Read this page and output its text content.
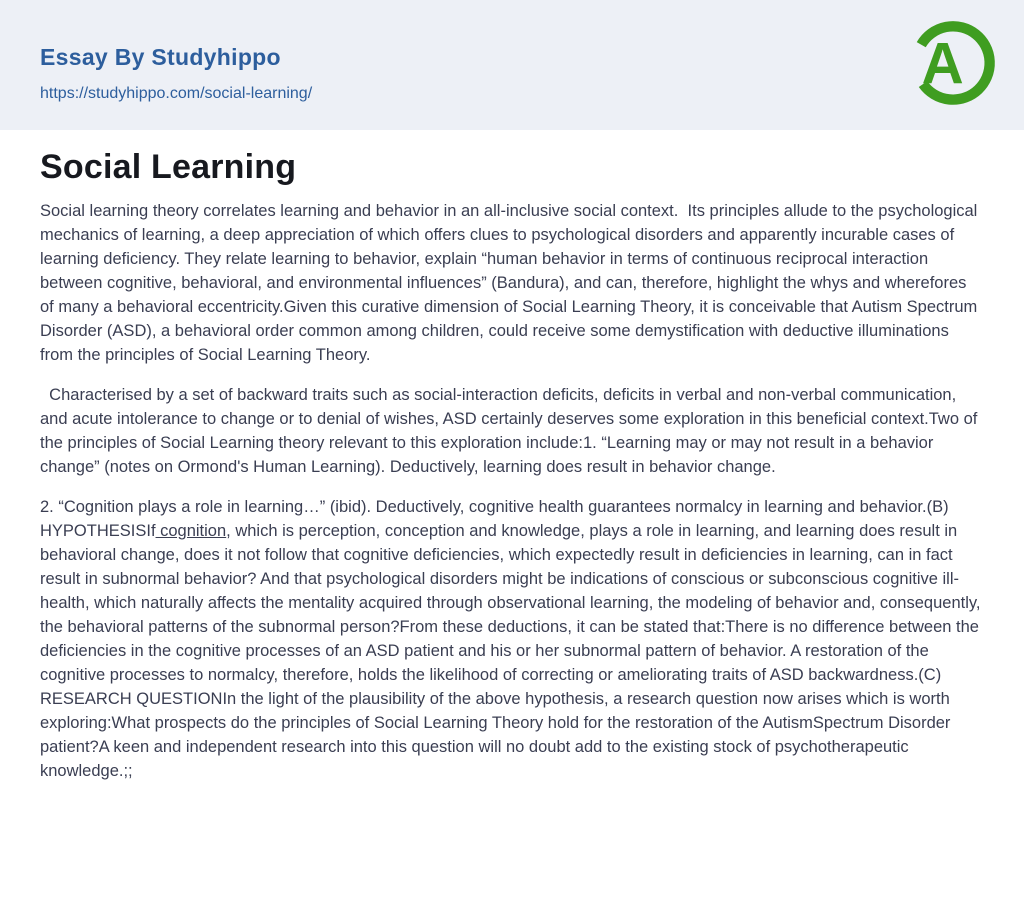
Essay By Studyhippo
https://studyhippo.com/social-learning/	A
Social Learning

Social learning theory correlates learning and behavior in an all-inclusive social context.  Its principles allude to the psychological mechanics of learning, a deep appreciation of which offers clues to psychological disorders and apparently incurable cases of learning deficiency. They relate learning to behavior, explain “human behavior in terms of continuous reciprocal interaction between cognitive, behavioral, and environmental influences” (Bandura), and can, therefore, highlight the whys and wherefores of many a behavioral eccentricity.Given this curative dimension of Social Learning Theory, it is conceivable that Autism Spectrum Disorder (ASD), a behavioral order common among children, could receive some demystification with deductive illuminations from the principles of Social Learning Theory.

Characterised by a set of backward traits such as social-interaction deficits, deficits in verbal and non-verbal communication, and acute intolerance to change or to denial of wishes, ASD certainly deserves some exploration in this beneficial context.Two of the principles of Social Learning theory relevant to this exploration include:1. “Learning may or may not result in a behavior change” (notes on Ormond's Human Learning). Deductively, learning does result in behavior change.

2. “Cognition plays a role in learning…” (ibid). Deductively, cognitive health guarantees normalcy in learning and behavior.(B) HYPOTHESISIf cognition, which is perception, conception and knowledge, plays a role in learning, and learning does result in behavioral change, does it not follow that cognitive deficiencies, which expectedly result in deficiencies in learning, can in fact result in subnormal behavior? And that psychological disorders might be indications of conscious or subconscious cognitive ill-health, which naturally affects the mentality acquired through observational learning, the modeling of behavior and, consequently, the behavioral patterns of the subnormal person?From these deductions, it can be stated that:There is no difference between the deficiencies in the cognitive processes of an ASD patient and his or her subnormal pattern of behavior. A restoration of the cognitive processes to normalcy, therefore, holds the likelihood of correcting or ameliorating traits of ASD backwardness.(C) RESEARCH QUESTIONIn the light of the plausibility of the above hypothesis, a research question now arises which is worth exploring:What prospects do the principles of Social Learning Theory hold for the restoration of the AutismSpectrum Disorder patient?A keen and independent research into this question will no doubt add to the existing stock of psychotherapeutic knowledge.;;
